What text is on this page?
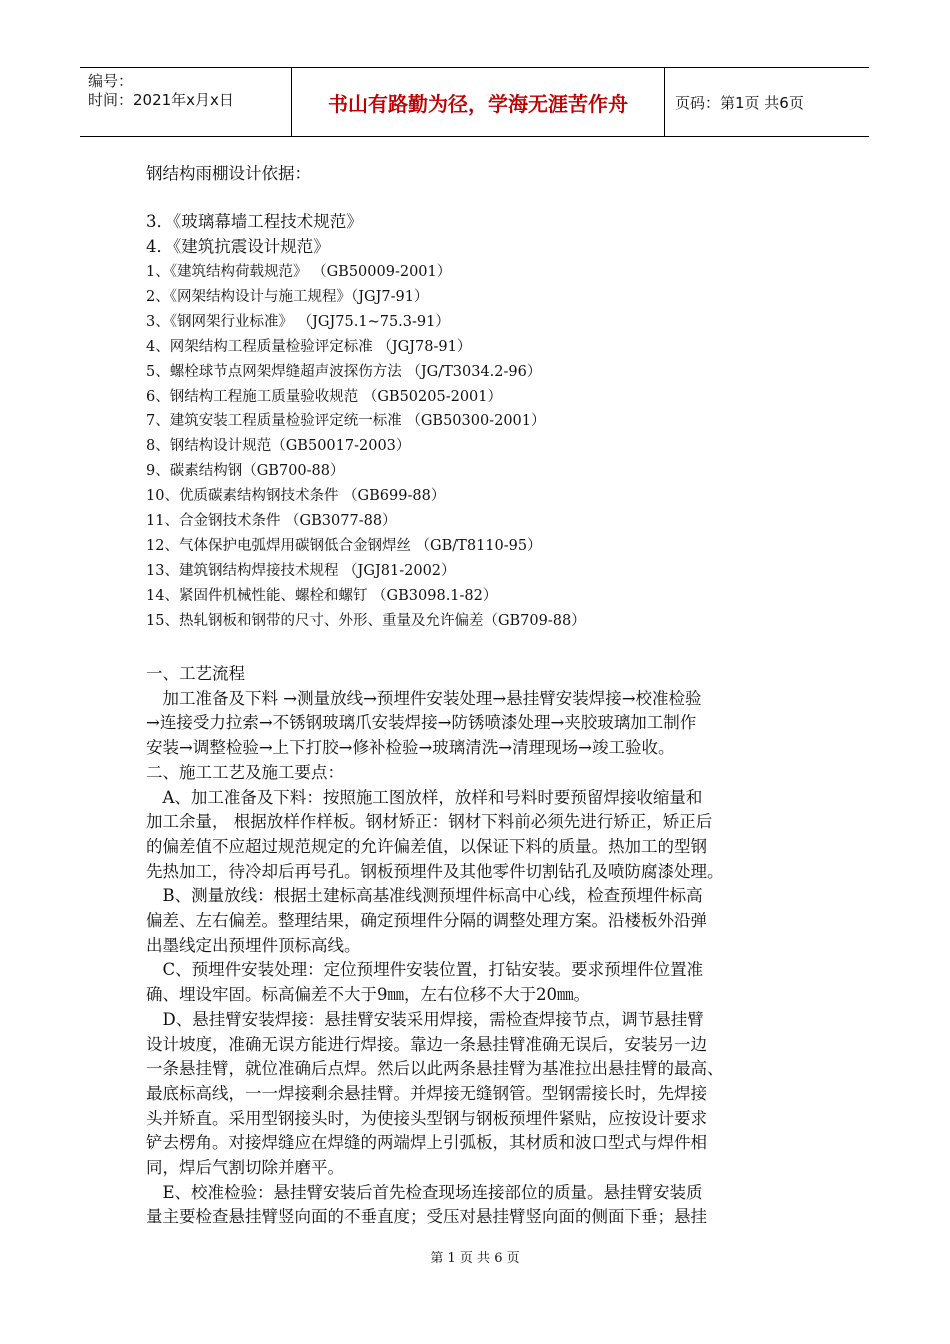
编号：
时间：2021年x月x日	书山有路勤为径，学海无涯苦作舟	页码：第1页 共6页
钢结构雨棚设计依据：
3．《玻璃幕墙工程技术规范》
4．《建筑抗震设计规范》
1、《建筑结构荷载规范》 （GB50009-2001）
2、《网架结构设计与施工规程》（JGJ7-91）
3、《钢网架行业标准》 （JGJ75.1~75.3-91）
4、网架结构工程质量检验评定标准 （JGJ78-91）
5、螺栓球节点网架焊缝超声波探伤方法 （JG/T3034.2-96）
6、钢结构工程施工质量验收规范 （GB50205-2001）
7、建筑安装工程质量检验评定统一标准 （GB50300-2001）
8、钢结构设计规范（GB50017-2003）
9、碳素结构钢（GB700-88）
10、优质碳素结构钢技术条件 （GB699-88）
11、合金钢技术条件 （GB3077-88）
12、气体保护电弧焊用碳钢低合金钢焊丝 （GB/T8110-95）
13、建筑钢结构焊接技术规程 （JGJ81-2002）
14、紧固件机械性能、螺栓和螺钉 （GB3098.1-82）
15、热轧钢板和钢带的尺寸、外形、重量及允许偏差（GB709-88）
一、工艺流程
　加工准备及下料 →测量放线→预埋件安装处理→悬挂臂安装焊接→校准检验
→连接受力拉索→不锈钢玻璃爪安装焊接→防锈喷漆处理→夹胶玻璃加工制作
安装→调整检验→上下打胶→修补检验→玻璃清洗→清理现场→竣工验收。
二、施工工艺及施工要点：
　A、加工准备及下料：按照施工图放样，放样和号料时要预留焊接收缩量和
加工余量， 根据放样作样板。钢材矫正：钢材下料前必须先进行矫正，矫正后
的偏差值不应超过规范规定的允许偏差值，以保证下料的质量。热加工的型钢
先热加工，待冷却后再号孔。钢板预埋件及其他零件切割钻孔及喷防腐漆处理。
　B、测量放线：根据土建标高基准线测预埋件标高中心线，检查预埋件标高
偏差、左右偏差。整理结果，确定预埋件分隔的调整处理方案。沿楼板外沿弹
出墨线定出预埋件顶标高线。
　C、预埋件安装处理：定位预埋件安装位置，打钻安装。要求预埋件位置准
确、埋设牢固。标高偏差不大于9㎜，左右位移不大于20㎜。
　D、悬挂臂安装焊接：悬挂臂安装采用焊接，需检查焊接节点，调节悬挂臂
设计坡度，准确无误方能进行焊接。靠边一条悬挂臂准确无误后，安装另一边
一条悬挂臂，就位准确后点焊。然后以此两条悬挂臂为基准拉出悬挂臂的最高、
最底标高线，一一焊接剩余悬挂臂。并焊接无缝钢管。型钢需接长时，先焊接
头并矫直。采用型钢接头时，为使接头型钢与钢板预埋件紧贴，应按设计要求
铲去楞角。对接焊缝应在焊缝的两端焊上引弧板，其材质和波口型式与焊件相
同，焊后气割切除并磨平。
　E、校准检验：悬挂臂安装后首先检查现场连接部位的质量。悬挂臂安装质
量主要检查悬挂臂竖向面的不垂直度；受压对悬挂臂竖向面的侧面下垂；悬挂
第 1 页 共 6 页
